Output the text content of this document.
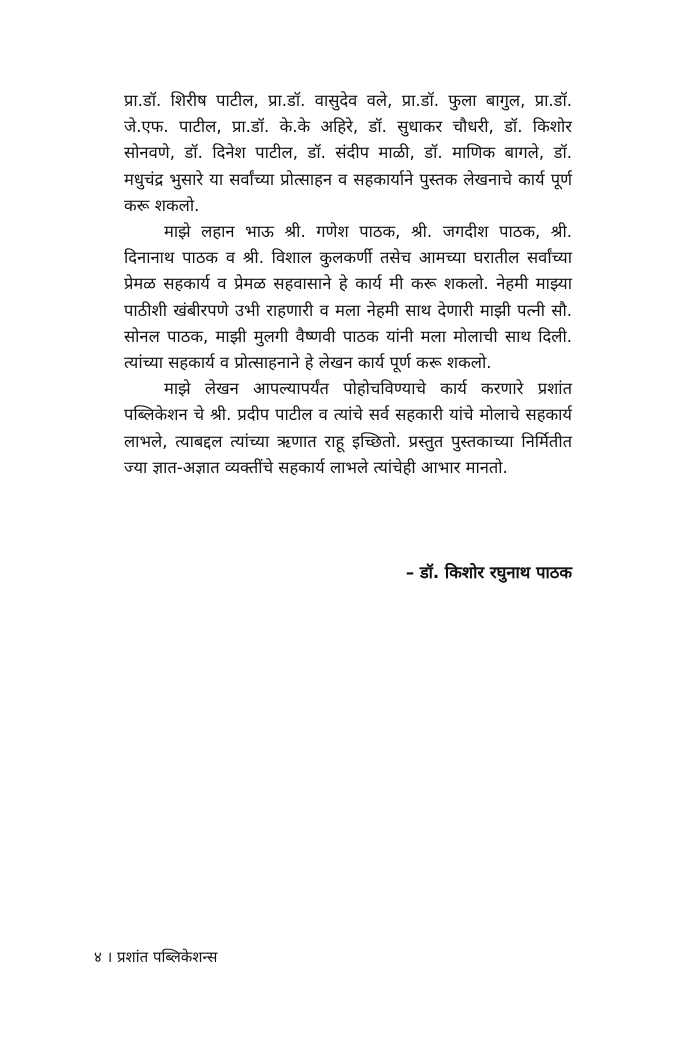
प्रा.डॉ. शिरीष पाटील, प्रा.डॉ. वासुदेव वले, प्रा.डॉ. फुला बागुल, प्रा.डॉ. जे.एफ. पाटील, प्रा.डॉ. के.के अहिरे, डॉ. सुधाकर चौधरी, डॉ. किशोर सोनवणे, डॉ. दिनेश पाटील, डॉ. संदीप माळी, डॉ. माणिक बागले, डॉ. मधुचंद्र भुसारे या सर्वांच्या प्रोत्साहन व सहकार्याने पुस्तक लेखनाचे कार्य पूर्ण करू शकलो.

माझे लहान भाऊ श्री. गणेश पाठक, श्री. जगदीश पाठक, श्री. दिनानाथ पाठक व श्री. विशाल कुलकर्णी तसेच आमच्या घरातील सर्वांच्या प्रेमळ सहकार्य व प्रेमळ सहवासाने हे कार्य मी करू शकलो. नेहमी माझ्या पाठीशी खंबीरपणे उभी राहणारी व मला नेहमी साथ देणारी माझी पत्नी सौ. सोनल पाठक, माझी मुलगी वैष्णवी पाठक यांनी मला मोलाची साथ दिली. त्यांच्या सहकार्य व प्रोत्साहनाने हे लेखन कार्य पूर्ण करू शकलो.

माझे लेखन आपल्यापर्यंत पोहोचविण्याचे कार्य करणारे प्रशांत पब्लिकेशन चे श्री. प्रदीप पाटील व त्यांचे सर्व सहकारी यांचे मोलाचे सहकार्य लाभले, त्याबद्दल त्यांच्या ऋणात राहू इच्छितो. प्रस्तुत पुस्तकाच्या निर्मितीत ज्या ज्ञात-अज्ञात व्यक्तींचे सहकार्य लाभले त्यांचेही आभार मानतो.

– डॉ. किशोर रघुनाथ पाठक
४ । प्रशांत पब्लिकेशन्स
